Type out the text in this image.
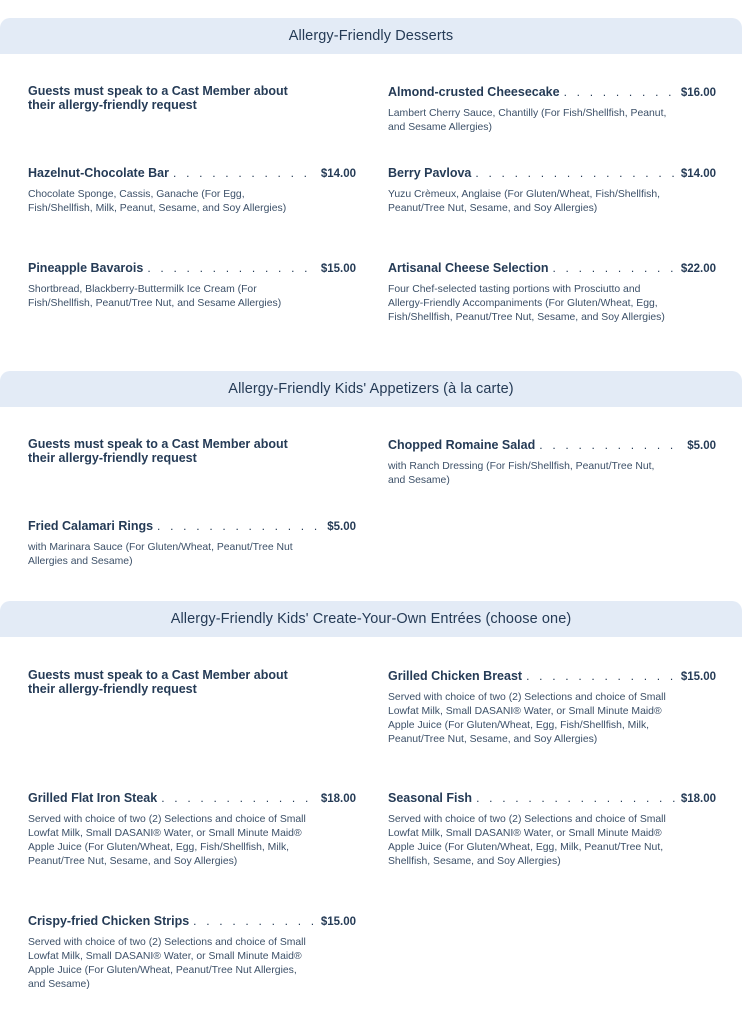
Allergy-Friendly Desserts
Guests must speak to a Cast Member about their allergy-friendly request
Almond-crusted Cheesecake . . .	$16.00
Lambert Cherry Sauce, Chantilly (For Fish/Shellfish, Peanut, and Sesame Allergies)
Hazelnut-Chocolate Bar . . .	$14.00
Chocolate Sponge, Cassis, Ganache (For Egg, Fish/Shellfish, Milk, Peanut, Sesame, and Soy Allergies)
Berry Pavlova . . .	$14.00
Yuzu Crèmeux, Anglaise (For Gluten/Wheat, Fish/Shellfish, Peanut/Tree Nut, Sesame, and Soy Allergies)
Pineapple Bavarois . . .	$15.00
Shortbread, Blackberry-Buttermilk Ice Cream (For Fish/Shellfish, Peanut/Tree Nut, and Sesame Allergies)
Artisanal Cheese Selection . . .	$22.00
Four Chef-selected tasting portions with Prosciutto and Allergy-Friendly Accompaniments (For Gluten/Wheat, Egg, Fish/Shellfish, Peanut/Tree Nut, Sesame, and Soy Allergies)
Allergy-Friendly Kids' Appetizers (à la carte)
Guests must speak to a Cast Member about their allergy-friendly request
Chopped Romaine Salad . . .	$5.00
with Ranch Dressing (For Fish/Shellfish, Peanut/Tree Nut, and Sesame)
Fried Calamari Rings . . .	$5.00
with Marinara Sauce (For Gluten/Wheat, Peanut/Tree Nut Allergies and Sesame)
Allergy-Friendly Kids' Create-Your-Own Entrées (choose one)
Guests must speak to a Cast Member about their allergy-friendly request
Grilled Chicken Breast . . .	$15.00
Served with choice of two (2) Selections and choice of Small Lowfat Milk, Small DASANI® Water, or Small Minute Maid® Apple Juice (For Gluten/Wheat, Egg, Fish/Shellfish, Milk, Peanut/Tree Nut, Sesame, and Soy Allergies)
Grilled Flat Iron Steak . . .	$18.00
Served with choice of two (2) Selections and choice of Small Lowfat Milk, Small DASANI® Water, or Small Minute Maid® Apple Juice (For Gluten/Wheat, Egg, Fish/Shellfish, Milk, Peanut/Tree Nut, Sesame, and Soy Allergies)
Seasonal Fish . . .	$18.00
Served with choice of two (2) Selections and choice of Small Lowfat Milk, Small DASANI® Water, or Small Minute Maid® Apple Juice (For Gluten/Wheat, Egg, Milk, Peanut/Tree Nut, Shellfish, Sesame, and Soy Allergies)
Crispy-fried Chicken Strips . . .	$15.00
Served with choice of two (2) Selections and choice of Small Lowfat Milk, Small DASANI® Water, or Small Minute Maid® Apple Juice (For Gluten/Wheat, Peanut/Tree Nut Allergies, and Sesame)
